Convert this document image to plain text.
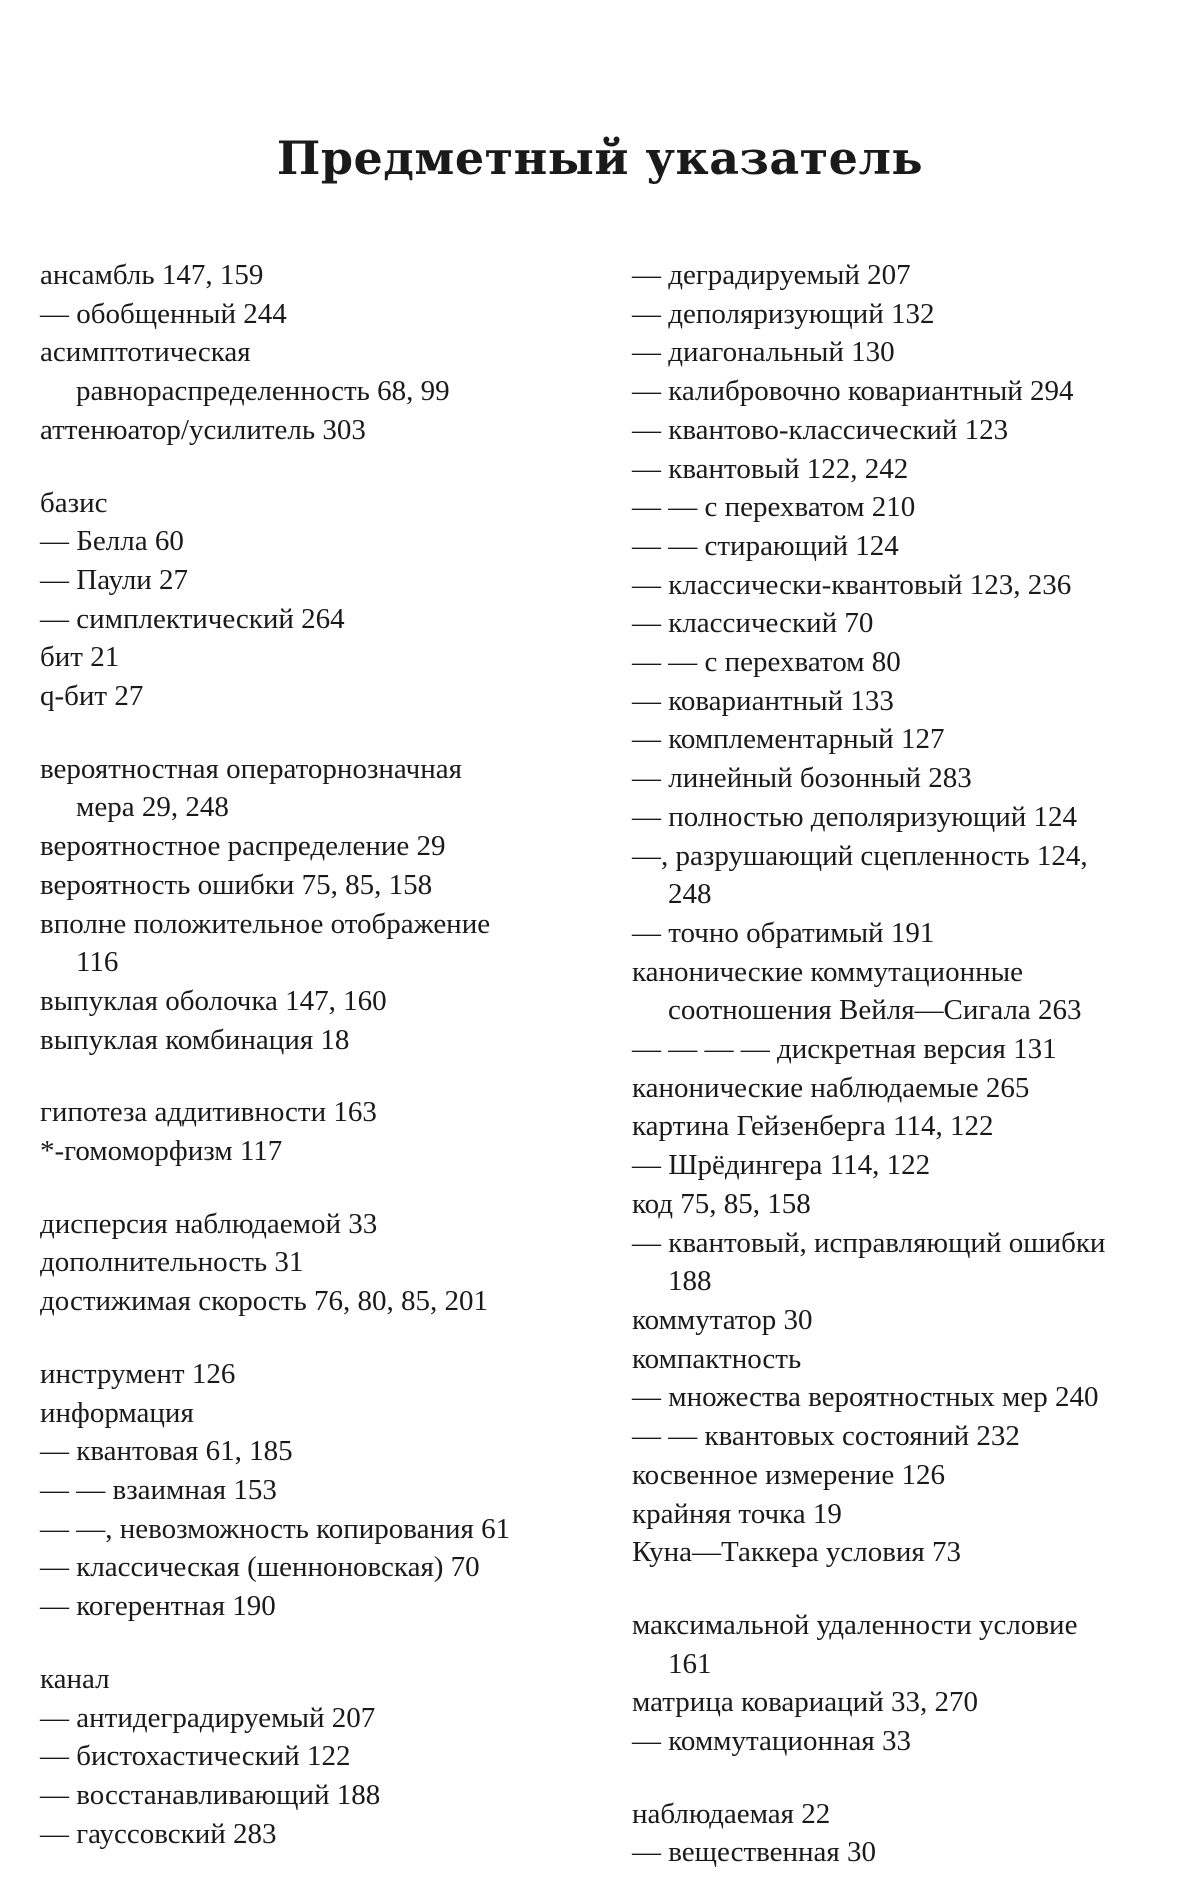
Предметный указатель
ансамбль 147, 159
— обобщенный 244
асимптотическая
равнораспределенность 68, 99
аттенюатор/усилитель 303
базис
— Белла 60
— Паули 27
— симплектический 264
бит 21
q-бит 27
вероятностная операторнозначная
мера 29, 248
вероятностное распределение 29
вероятность ошибки 75, 85, 158
вполне положительное отображение
116
выпуклая оболочка 147, 160
выпуклая комбинация 18
гипотеза аддитивности 163
*-гомоморфизм 117
дисперсия наблюдаемой 33
дополнительность 31
достижимая скорость 76, 80, 85, 201
инструмент 126
информация
— квантовая 61, 185
— — взаимная 153
— —, невозможность копирования 61
— классическая (шенноновская) 70
— когерентная 190
канал
— антидеградируемый 207
— бистохастический 122
— восстанавливающий 188
— гауссовский 283
— деградируемый 207
— деполяризующий 132
— диагональный 130
— калибровочно ковариантный 294
— квантово-классический 123
— квантовый 122, 242
— — с перехватом 210
— — стирающий 124
— классически-квантовый 123, 236
— классический 70
— — с перехватом 80
— ковариантный 133
— комплементарный 127
— линейный бозонный 283
— полностью деполяризующий 124
—, разрушающий сцепленность 124,
248
— точно обратимый 191
канонические коммутационные
соотношения Вейля—Сигала 263
— — — — дискретная версия 131
канонические наблюдаемые 265
картина Гейзенберга 114, 122
— Шрёдингера 114, 122
код 75, 85, 158
— квантовый, исправляющий ошибки
188
коммутатор 30
компактность
— множества вероятностных мер 240
— — квантовых состояний 232
косвенное измерение 126
крайняя точка 19
Куна—Таккера условия 73
максимальной удаленности условие
161
матрица ковариаций 33, 270
— коммутационная 33
наблюдаемая 22
— вещественная 30
